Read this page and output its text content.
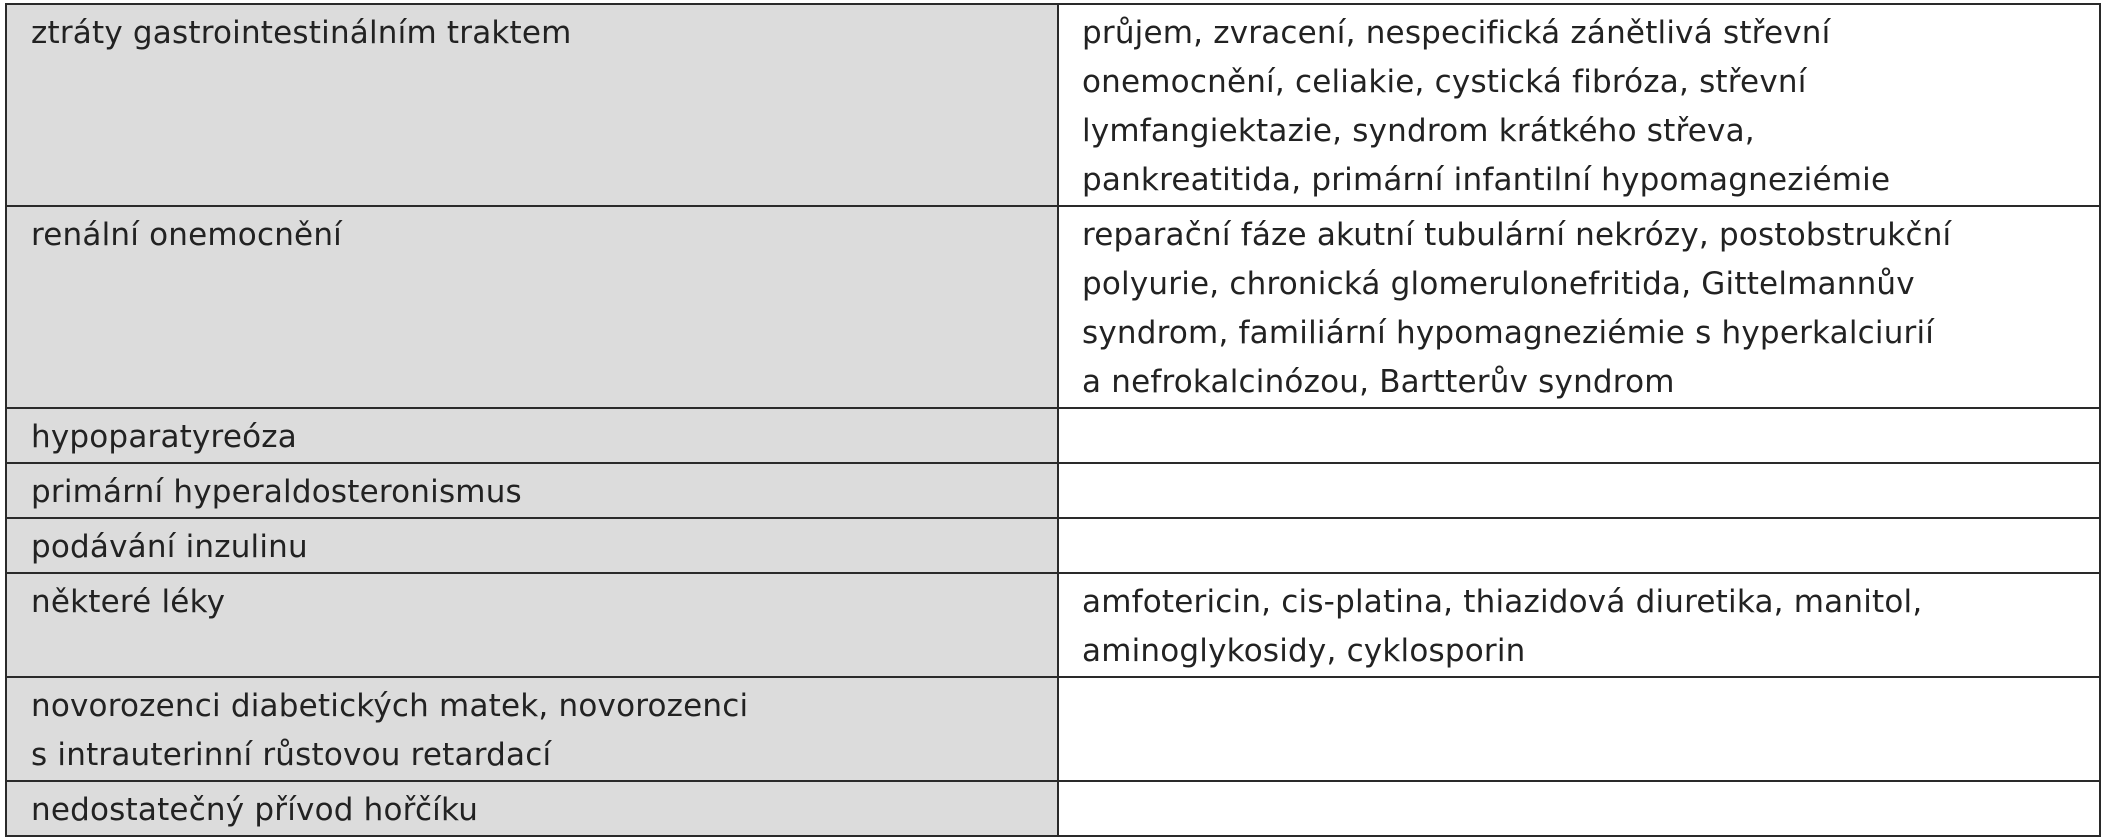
ztráty gastrointestinálním traktem	průjem, zvracení, nespecifická zánětlivá střevní
onemocnění, celiakie, cystická fibróza, střevní
lymfangiektazie, syndrom krátkého střeva,
pankreatitida, primární infantilní hypomagneziémie

renální onemocnění	reparační fáze akutní tubulární nekrózy, postobstrukční
polyurie, chronická glomerulonefritida, Gittelmannův
syndrom, familiární hypomagneziémie s hyperkalciurií
a nefrokalcinózou, Bartterův syndrom

hypoparatyreóza	

primární hyperaldosteronismus	

podávání inzulinu	

některé léky	amfotericin, cis-platina, thiazidová diuretika, manitol,
aminoglykosidy, cyklosporin

novorozenci diabetických matek, novorozenci
s intrauterinní růstovou retardací	

nedostatečný přívod hořčíku	
